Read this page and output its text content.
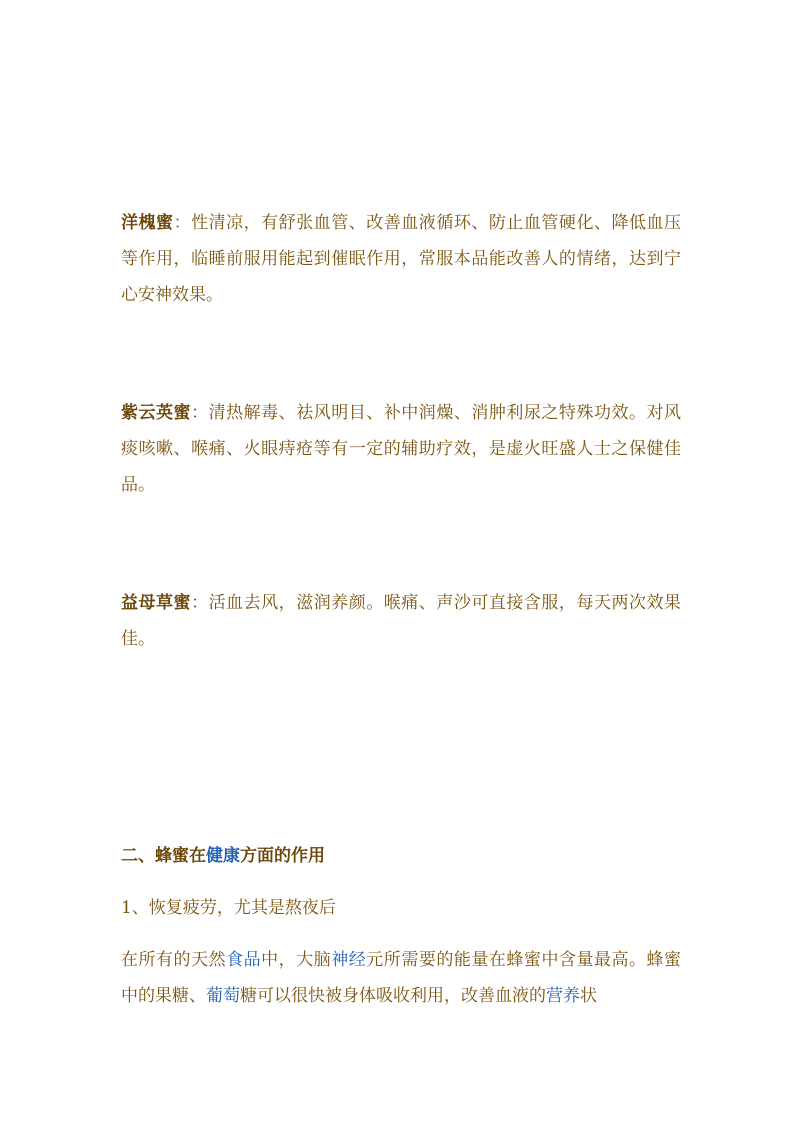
洋槐蜜：性清凉，有舒张血管、改善血液循环、防止血管硬化、降低血压等作用，临睡前服用能起到催眠作用，常服本品能改善人的情绪，达到宁心安神效果。

紫云英蜜：清热解毒、祛风明目、补中润燥、消肿利尿之特殊功效。对风痰咳嗽、喉痛、火眼痔疮等有一定的辅助疗效，是虚火旺盛人士之保健佳品。

益母草蜜：活血去风，滋润养颜。喉痛、声沙可直接含服，每天两次效果佳。

二、蜂蜜在健康方面的作用

1、恢复疲劳，尤其是熬夜后

在所有的天然食品中，大脑神经元所需要的能量在蜂蜜中含量最高。蜂蜜中的果糖、葡萄糖可以很快被身体吸收利用，改善血液的营养状
